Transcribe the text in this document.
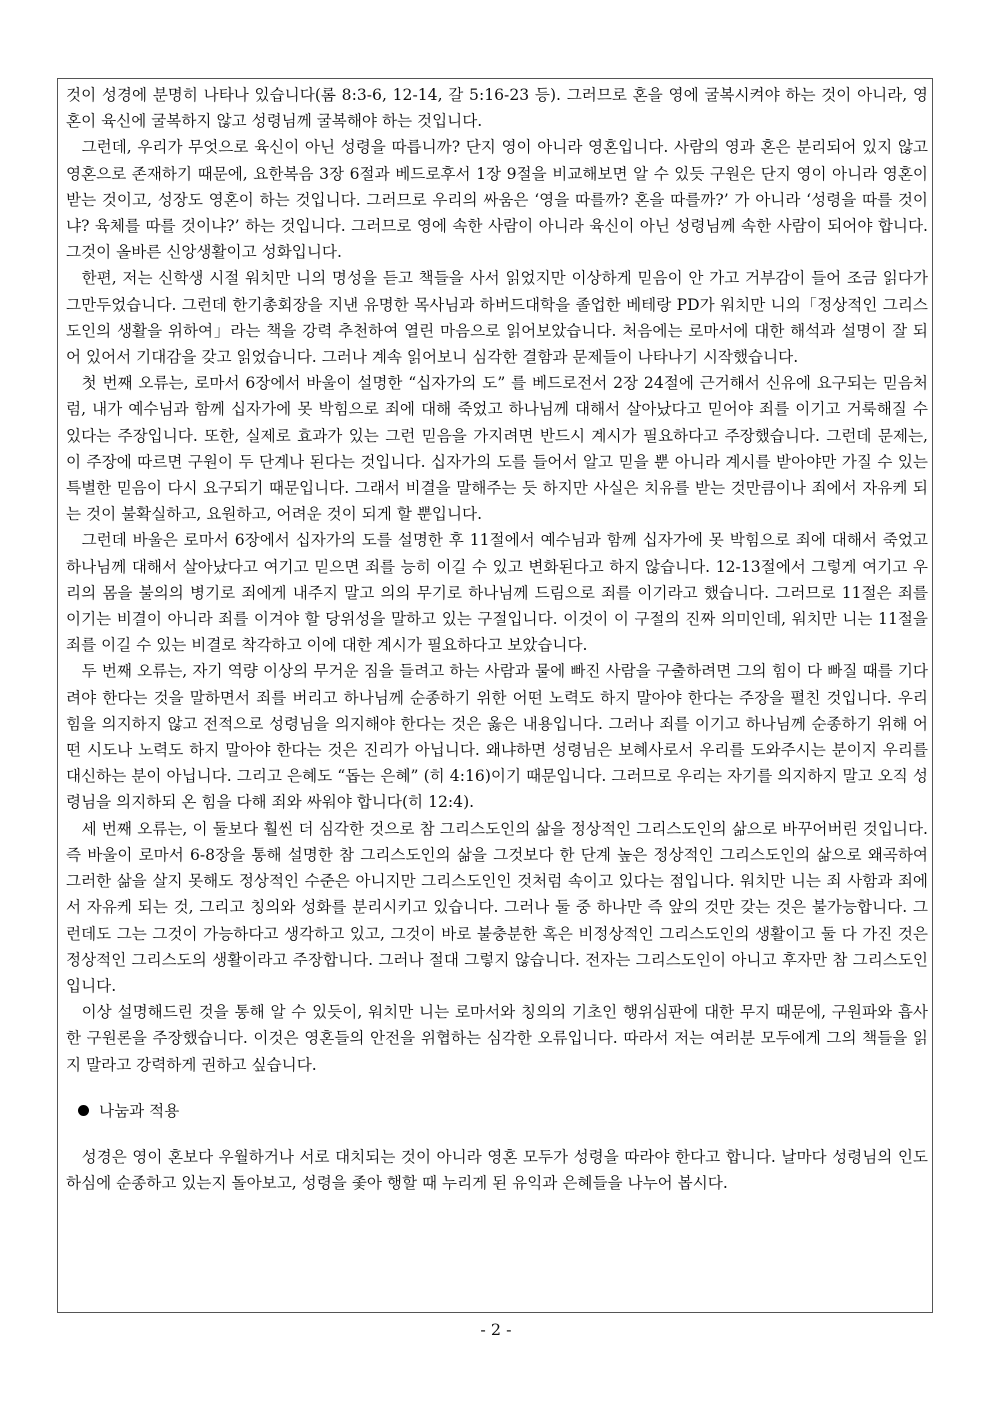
것이 성경에 분명히 나타나 있습니다(롬 8:3-6, 12-14, 갈 5:16-23 등). 그러므로 혼을 영에 굴복시켜야 하는 것이 아니라, 영혼이 육신에 굴복하지 않고 성령님께 굴복해야 하는 것입니다.

그런데, 우리가 무엇으로 육신이 아닌 성령을 따릅니까? 단지 영이 아니라 영혼입니다. 사람의 영과 혼은 분리되어 있지 않고 영혼으로 존재하기 때문에, 요한복음 3장 6절과 베드로후서 1장 9절을 비교해보면 알 수 있듯 구원은 단지 영이 아니라 영혼이 받는 것이고, 성장도 영혼이 하는 것입니다. 그러므로 우리의 싸움은 ‘영을 따를까? 혼을 따를까?’ 가 아니라 ‘성령을 따를 것이냐? 육체를 따를 것이냐?’ 하는 것입니다. 그러므로 영에 속한 사람이 아니라 육신이 아닌 성령님께 속한 사람이 되어야 합니다. 그것이 올바른 신앙생활이고 성화입니다.

한편, 저는 신학생 시절 워치만 니의 명성을 듣고 책들을 사서 읽었지만 이상하게 믿음이 안 가고 거부감이 들어 조금 읽다가 그만두었습니다. 그런데 한기총회장을 지낸 유명한 목사님과 하버드대학을 졸업한 베테랑 PD가 워치만 니의「정상적인 그리스도인의 생활을 위하여」라는 책을 강력 추천하여 열린 마음으로 읽어보았습니다. 처음에는 로마서에 대한 해석과 설명이 잘 되어 있어서 기대감을 갖고 읽었습니다. 그러나 계속 읽어보니 심각한 결함과 문제들이 나타나기 시작했습니다.

첫 번째 오류는, 로마서 6장에서 바울이 설명한 “십자가의 도” 를 베드로전서 2장 24절에 근거해서 신유에 요구되는 믿음처럼, 내가 예수님과 함께 십자가에 못 박힘으로 죄에 대해 죽었고 하나님께 대해서 살아났다고 믿어야 죄를 이기고 거룩해질 수 있다는 주장입니다. 또한, 실제로 효과가 있는 그런 믿음을 가지려면 반드시 계시가 필요하다고 주장했습니다. 그런데 문제는, 이 주장에 따르면 구원이 두 단계나 된다는 것입니다. 십자가의 도를 들어서 알고 믿을 뿐 아니라 계시를 받아야만 가질 수 있는 특별한 믿음이 다시 요구되기 때문입니다. 그래서 비결을 말해주는 듯 하지만 사실은 치유를 받는 것만큼이나 죄에서 자유케 되는 것이 불확실하고, 요원하고, 어려운 것이 되게 할 뿐입니다.

그런데 바울은 로마서 6장에서 십자가의 도를 설명한 후 11절에서 예수님과 함께 십자가에 못 박힘으로 죄에 대해서 죽었고 하나님께 대해서 살아났다고 여기고 믿으면 죄를 능히 이길 수 있고 변화된다고 하지 않습니다. 12-13절에서 그렇게 여기고 우리의 몸을 불의의 병기로 죄에게 내주지 말고 의의 무기로 하나님께 드림으로 죄를 이기라고 했습니다. 그러므로 11절은 죄를 이기는 비결이 아니라 죄를 이겨야 할 당위성을 말하고 있는 구절입니다. 이것이 이 구절의 진짜 의미인데, 워치만 니는 11절을 죄를 이길 수 있는 비결로 착각하고 이에 대한 계시가 필요하다고 보았습니다.

두 번째 오류는, 자기 역량 이상의 무거운 짐을 들려고 하는 사람과 물에 빠진 사람을 구출하려면 그의 힘이 다 빠질 때를 기다려야 한다는 것을 말하면서 죄를 버리고 하나님께 순종하기 위한 어떤 노력도 하지 말아야 한다는 주장을 펼친 것입니다. 우리 힘을 의지하지 않고 전적으로 성령님을 의지해야 한다는 것은 옳은 내용입니다. 그러나 죄를 이기고 하나님께 순종하기 위해 어떤 시도나 노력도 하지 말아야 한다는 것은 진리가 아닙니다. 왜냐하면 성령님은 보혜사로서 우리를 도와주시는 분이지 우리를 대신하는 분이 아닙니다. 그리고 은혜도 “돕는 은혜” (히 4:16)이기 때문입니다. 그러므로 우리는 자기를 의지하지 말고 오직 성령님을 의지하되 온 힘을 다해 죄와 싸워야 합니다(히 12:4).

세 번째 오류는, 이 둘보다 훨씬 더 심각한 것으로 참 그리스도인의 삶을 정상적인 그리스도인의 삶으로 바꾸어버린 것입니다. 즉 바울이 로마서 6-8장을 통해 설명한 참 그리스도인의 삶을 그것보다 한 단계 높은 정상적인 그리스도인의 삶으로 왜곡하여 그러한 삶을 살지 못해도 정상적인 수준은 아니지만 그리스도인인 것처럼 속이고 있다는 점입니다. 워치만 니는 죄 사함과 죄에서 자유케 되는 것, 그리고 칭의와 성화를 분리시키고 있습니다. 그러나 둘 중 하나만 즉 앞의 것만 갖는 것은 불가능합니다. 그런데도 그는 그것이 가능하다고 생각하고 있고, 그것이 바로 불충분한 혹은 비정상적인 그리스도인의 생활이고 둘 다 가진 것은 정상적인 그리스도의 생활이라고 주장합니다. 그러나 절대 그렇지 않습니다. 전자는 그리스도인이 아니고 후자만 참 그리스도인입니다.

이상 설명해드린 것을 통해 알 수 있듯이, 워치만 니는 로마서와 칭의의 기초인 행위심판에 대한 무지 때문에, 구원파와 흡사한 구원론을 주장했습니다. 이것은 영혼들의 안전을 위협하는 심각한 오류입니다. 따라서 저는 여러분 모두에게 그의 책들을 읽지 말라고 강력하게 권하고 싶습니다.

나눔과 적용

성경은 영이 혼보다 우월하거나 서로 대치되는 것이 아니라 영혼 모두가 성령을 따라야 한다고 합니다. 날마다 성령님의 인도하심에 순종하고 있는지 돌아보고, 성령을 좇아 행할 때 누리게 된 유익과 은혜들을 나누어 봅시다.

- 2 -
